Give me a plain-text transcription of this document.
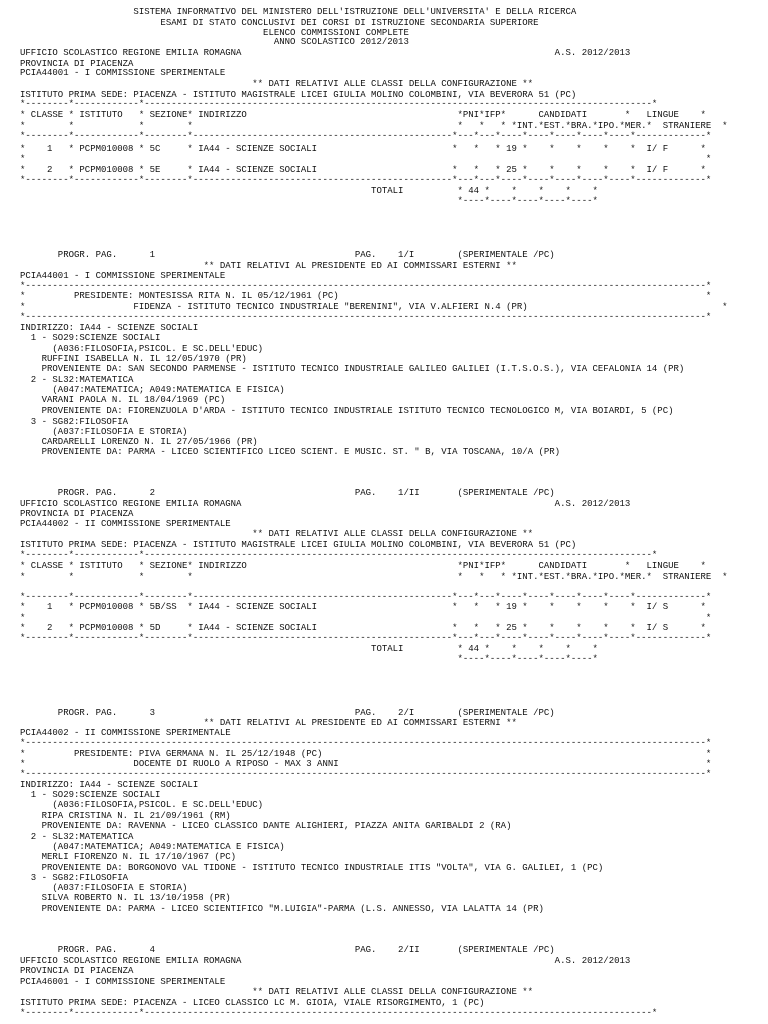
SISTEMA INFORMATIVO DEL MINISTERO DELL'ISTRUZIONE DELL'UNIVERSITA' E DELLA RICERCA
ESAMI DI STATO CONCLUSIVI DEI CORSI DI ISTRUZIONE SECONDARIA SUPERIORE
ELENCO COMMISSIONI COMPLETE
ANNO SCOLASTICO 2012/2013
UFFICIO SCOLASTICO REGIONE EMILIA ROMAGNA                                                          A.S. 2012/2013
PROVINCIA DI PIACENZA
PCIA44001 - I COMMISSIONE SPERIMENTALE
** DATI RELATIVI ALLE CLASSI DELLA CONFIGURAZIONE **
ISTITUTO PRIMA SEDE: PIACENZA - ISTITUTO MAGISTRALE LICEI GIULIA MOLINO COLOMBINI, VIA BEVERORA 51 (PC)
*--------*------------*----------------------------------------------------------------------------------------------*
* CLASSE * ISTITUTO   * SEZIONE* INDIRIZZO                                       *PNI*IFP*      CANDIDATI       *   LINGUE    *
*        *            *        *                                                 *   *   * *INT.*EST.*BRA.*IPO.*MER.*  STRANIERE  *
*--------*------------*--------*------------------------------------------------*---*---*----*----*----*----*----*-------------*
*    1   * PCPM010008 * 5C     * IA44 - SCIENZE SOCIALI                         *   *   * 19 *    *    *    *    *  I/ F      *
*                                                                                                                              *
*    2   * PCPM010008 * 5E     * IA44 - SCIENZE SOCIALI                         *   *   * 25 *    *    *    *    *  I/ F      *
*--------*------------*--------*------------------------------------------------*---*---*----*----*----*----*----*-------------*
TOTALI          * 44 *    *    *    *    *
*----*----*----*----*----*
PROGR. PAG.      1                                     PAG.    1/I        (SPERIMENTALE /PC)
** DATI RELATIVI AL PRESIDENTE ED AI COMMISSARI ESTERNI **
PCIA44001 - I COMMISSIONE SPERIMENTALE
*------------------------------------------------------------------------------------------------------------------------------*
*         PRESIDENTE: MONTESISSA RITA N. IL 05/12/1961 (PC)                                                                    *
*                    FIDENZA - ISTITUTO TECNICO INDUSTRIALE "BERENINI", VIA V.ALFIERI N.4 (PR)                                    *
*------------------------------------------------------------------------------------------------------------------------------*
INDIRIZZO: IA44 - SCIENZE SOCIALI
1 - SO29:SCIENZE SOCIALI
(A036:FILOSOFIA,PSICOL. E SC.DELL'EDUC)
RUFFINI ISABELLA N. IL 12/05/1970 (PR)
PROVENIENTE DA: SAN SECONDO PARMENSE - ISTITUTO TECNICO INDUSTRIALE GALILEO GALILEI (I.T.S.O.S.), VIA CEFALONIA 14 (PR)
2 - SL32:MATEMATICA
(A047:MATEMATICA; A049:MATEMATICA E FISICA)
VARANI PAOLA N. IL 18/04/1969 (PC)
PROVENIENTE DA: FIORENZUOLA D'ARDA - ISTITUTO TECNICO INDUSTRIALE ISTITUTO TECNICO TECNOLOGICO M, VIA BOIARDI, 5 (PC)
3 - SG82:FILOSOFIA
(A037:FILOSOFIA E STORIA)
CARDARELLI LORENZO N. IL 27/05/1966 (PR)
PROVENIENTE DA: PARMA - LICEO SCIENTIFICO LICEO SCIENT. E MUSIC. ST. " B, VIA TOSCANA, 10/A (PR)
PROGR. PAG.      2                                     PAG.    1/II       (SPERIMENTALE /PC)
UFFICIO SCOLASTICO REGIONE EMILIA ROMAGNA                                                          A.S. 2012/2013
PROVINCIA DI PIACENZA
PCIA44002 - II COMMISSIONE SPERIMENTALE
** DATI RELATIVI ALLE CLASSI DELLA CONFIGURAZIONE **
ISTITUTO PRIMA SEDE: PIACENZA - ISTITUTO MAGISTRALE LICEI GIULIA MOLINO COLOMBINI, VIA BEVERORA 51 (PC)
*--------*------------*----------------------------------------------------------------------------------------------*
* CLASSE * ISTITUTO   * SEZIONE* INDIRIZZO                                       *PNI*IFP*      CANDIDATI       *   LINGUE    *
*        *            *        *                                                 *   *   * *INT.*EST.*BRA.*IPO.*MER.*  STRANIERE  *
*--------*------------*--------*------------------------------------------------*---*---*----*----*----*----*----*-------------*
*    1   * PCPM010008 * 5B/SS  * IA44 - SCIENZE SOCIALI                         *   *   * 19 *    *    *    *    *  I/ S      *
*                                                                                                                              *
*    2   * PCPM010008 * 5D     * IA44 - SCIENZE SOCIALI                         *   *   * 25 *    *    *    *    *  I/ S      *
*--------*------------*--------*------------------------------------------------*---*---*----*----*----*----*----*-------------*
TOTALI          * 44 *    *    *    *    *
*----*----*----*----*----*
PROGR. PAG.      3                                     PAG.    2/I        (SPERIMENTALE /PC)
** DATI RELATIVI AL PRESIDENTE ED AI COMMISSARI ESTERNI **
PCIA44002 - II COMMISSIONE SPERIMENTALE
*------------------------------------------------------------------------------------------------------------------------------*
*         PRESIDENTE: PIVA GERMANA N. IL 25/12/1948 (PC)                                                                       *
*                    DOCENTE DI RUOLO A RIPOSO - MAX 3 ANNI                                                                    *
*------------------------------------------------------------------------------------------------------------------------------*
INDIRIZZO: IA44 - SCIENZE SOCIALI
1 - SO29:SCIENZE SOCIALI
(A036:FILOSOFIA,PSICOL. E SC.DELL'EDUC)
RIPA CRISTINA N. IL 21/09/1961 (RM)
PROVENIENTE DA: RAVENNA - LICEO CLASSICO DANTE ALIGHIERI, PIAZZA ANITA GARIBALDI 2 (RA)
2 - SL32:MATEMATICA
(A047:MATEMATICA; A049:MATEMATICA E FISICA)
MERLI FIORENZO N. IL 17/10/1967 (PC)
PROVENIENTE DA: BORGONOVO VAL TIDONE - ISTITUTO TECNICO INDUSTRIALE ITIS "VOLTA", VIA G. GALILEI, 1 (PC)
3 - SG82:FILOSOFIA
(A037:FILOSOFIA E STORIA)
SILVA ROBERTO N. IL 13/10/1958 (PR)
PROVENIENTE DA: PARMA - LICEO SCIENTIFICO "M.LUIGIA"-PARMA (L.S. ANNESSO, VIA LALATTA 14 (PR)
PROGR. PAG.      4                                     PAG.    2/II       (SPERIMENTALE /PC)
UFFICIO SCOLASTICO REGIONE EMILIA ROMAGNA                                                          A.S. 2012/2013
PROVINCIA DI PIACENZA
PCIA46001 - I COMMISSIONE SPERIMENTALE
** DATI RELATIVI ALLE CLASSI DELLA CONFIGURAZIONE **
ISTITUTO PRIMA SEDE: PIACENZA - LICEO CLASSICO LC M. GIOIA, VIALE RISORGIMENTO, 1 (PC)
*--------*------------*----------------------------------------------------------------------------------------------*
